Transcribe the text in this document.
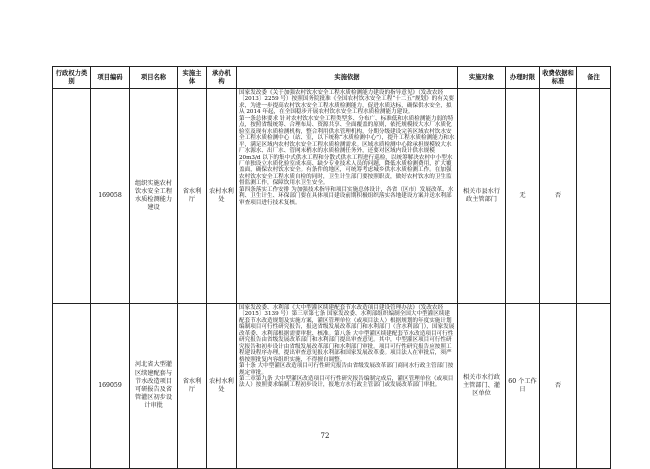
行政权力类别	项目编码	项目名称	实施主体	承办机构	实施依据	实施对象	办理时限	收费依据和标准	备注
	169058	组织实施农村饮水安全工程水质检测能力建设	省水利厅	农村水利处	国家发改委《关于加强农村饮水安全工程水质检测能力建设的指导意见》（发改农经〔2013〕2259 号）按照国务院批准《全国农村饮水安全工程“十二五”规划》的有关要求，为进一步提高农村饮水安全工程水质检测能力，促进水质达标，确保供水安全，拟从 2014 年起，在全国稳步开展农村饮水安全工程水质检测能力建设。

第一条总体要求 针对农村饮水安全工程类型多、分布广、标准低和水质检测能力弱的特点，按照省级统筹、合理布局、资源共享、全面覆盖的原则，依托规模较大水厂水质化验室及现有水质检测机构，整合利用供水管理机构，分期分级建设完善区域农村饮水安全工程水质检测中心（站、室，以下统称“水质检测中心”），提升工程水质检测能力和水平，满足区域内农村饮水安全工程水质检测需求。区域水质检测中心除承担规模较大水厂水源水、出厂水、管网末梢水的水质检测任务外，还要对区域内设计供水规模 20m3/d 以下的集中式供水工程和分散式供水工程进行巡检，以统筹解决农村中小型水厂单独设立水质化验室成本高、缺少专业技术人员的问题，降低水质检测费用，扩大覆盖面，确保农村饮水安全。有条件的地区，可统筹考虑城乡供水水质检测工作。在加强农村饮水安全工程水质自检的同时，卫生计生部门要按照职责，做好农村饮水的卫生监督监测工作，保障饮用水卫生安全。

第四条落实工作安排 为加强技术指导和项目实施总体设计，各省（区市）发展改革、水利、卫生计生、环保部门要在具体项目建设前期积极组织落实各地建设方案并送水利部审查项目进行技术复核。	相关市县水行政主管部门	无	否	
	169059	河北省大型灌区续建配套与节水改造项目可研报告及省管灌区初步设计审批	省水利厅	农村水利处	国家发改委、水利部《大中型灌区续建配套节水改造项目建设管理办法》（发改农经〔2015〕3139 号）第三章第七条 国家发改委、水利部组织编制全国大中型灌区续建配套节水改造规划及实施方案，灌区管理单位（或项目法人）根据规划的年度实施计划编制项目可行性研究报告，报送省级发展改革部门和水利部门（含水利部门），国家发展改革委、水利部根据需要审批、核准。第八条 大中型灌区续建配套节水改造项目可行性研究报告由省级发展改革部门和水利部门提出审查意见。其中，中型灌区项目可行性研究报告和初步设计由省级发展改革部门和水利部门审批。项目可行性研究报告应按照工程建设程序办理，提出审查意见报水利部和国家发展改革委。项目法人在审批后，须严格按照批复内容组织实施，不得擅自调整。

第十条 大中型灌区改造项目可行性研究报告由省级发展改革部门商同水行政主管部门按规定审批。

第二章第九条 大中型灌区改造项目可行性研究报告编制完成后，灌区管理单位（或项目法人）按照要求编制工程初步设计，报地方水行政主管部门或发展改革部门审批。	相关市水行政主管部门、灌区单位	60 个工作日	否	
72
